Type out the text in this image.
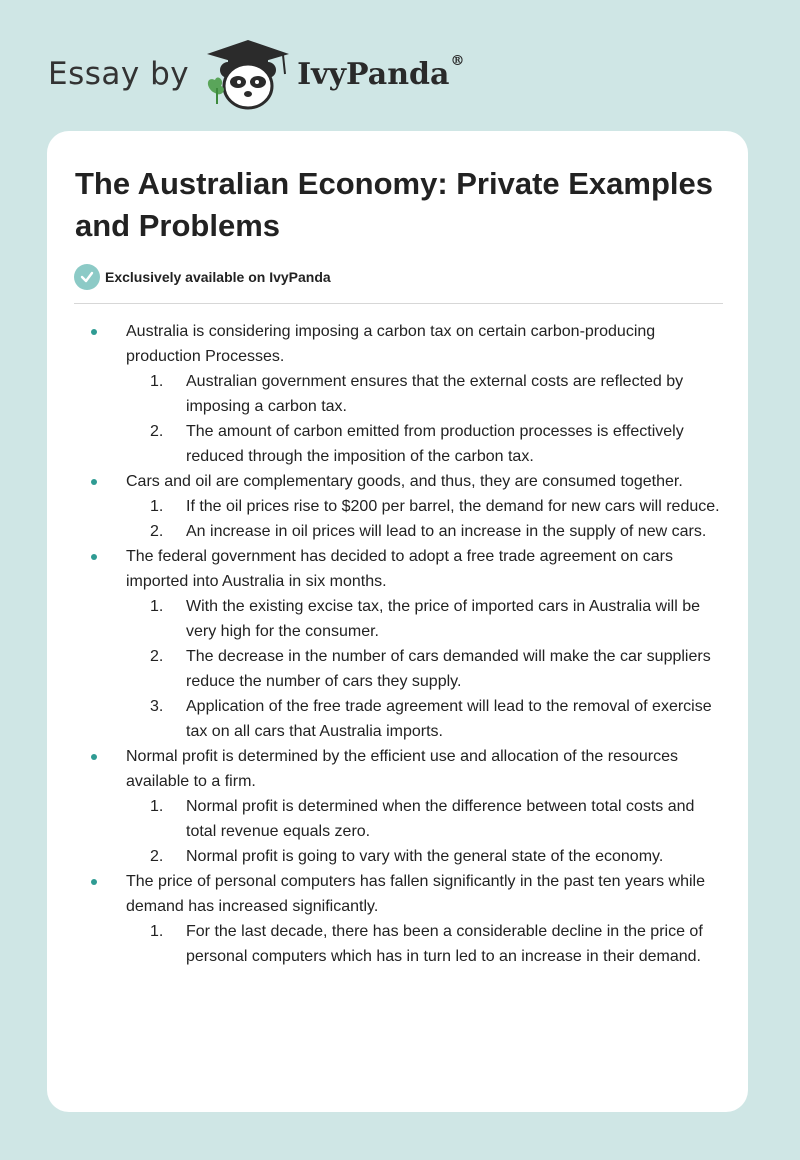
Essay by	IvyPanda®
The Australian Economy: Private Examples and Problems
Exclusively available on IvyPanda
Australia is considering imposing a carbon tax on certain carbon-producing production Processes.
1. Australian government ensures that the external costs are reflected by imposing a carbon tax.
2. The amount of carbon emitted from production processes is effectively reduced through the imposition of the carbon tax.
Cars and oil are complementary goods, and thus, they are consumed together.
1. If the oil prices rise to $200 per barrel, the demand for new cars will reduce.
2. An increase in oil prices will lead to an increase in the supply of new cars.
The federal government has decided to adopt a free trade agreement on cars imported into Australia in six months.
1. With the existing excise tax, the price of imported cars in Australia will be very high for the consumer.
2. The decrease in the number of cars demanded will make the car suppliers reduce the number of cars they supply.
3. Application of the free trade agreement will lead to the removal of exercise tax on all cars that Australia imports.
Normal profit is determined by the efficient use and allocation of the resources available to a firm.
1. Normal profit is determined when the difference between total costs and total revenue equals zero.
2. Normal profit is going to vary with the general state of the economy.
The price of personal computers has fallen significantly in the past ten years while demand has increased significantly.
1. For the last decade, there has been a considerable decline in the price of personal computers which has in turn led to an increase in their demand.
